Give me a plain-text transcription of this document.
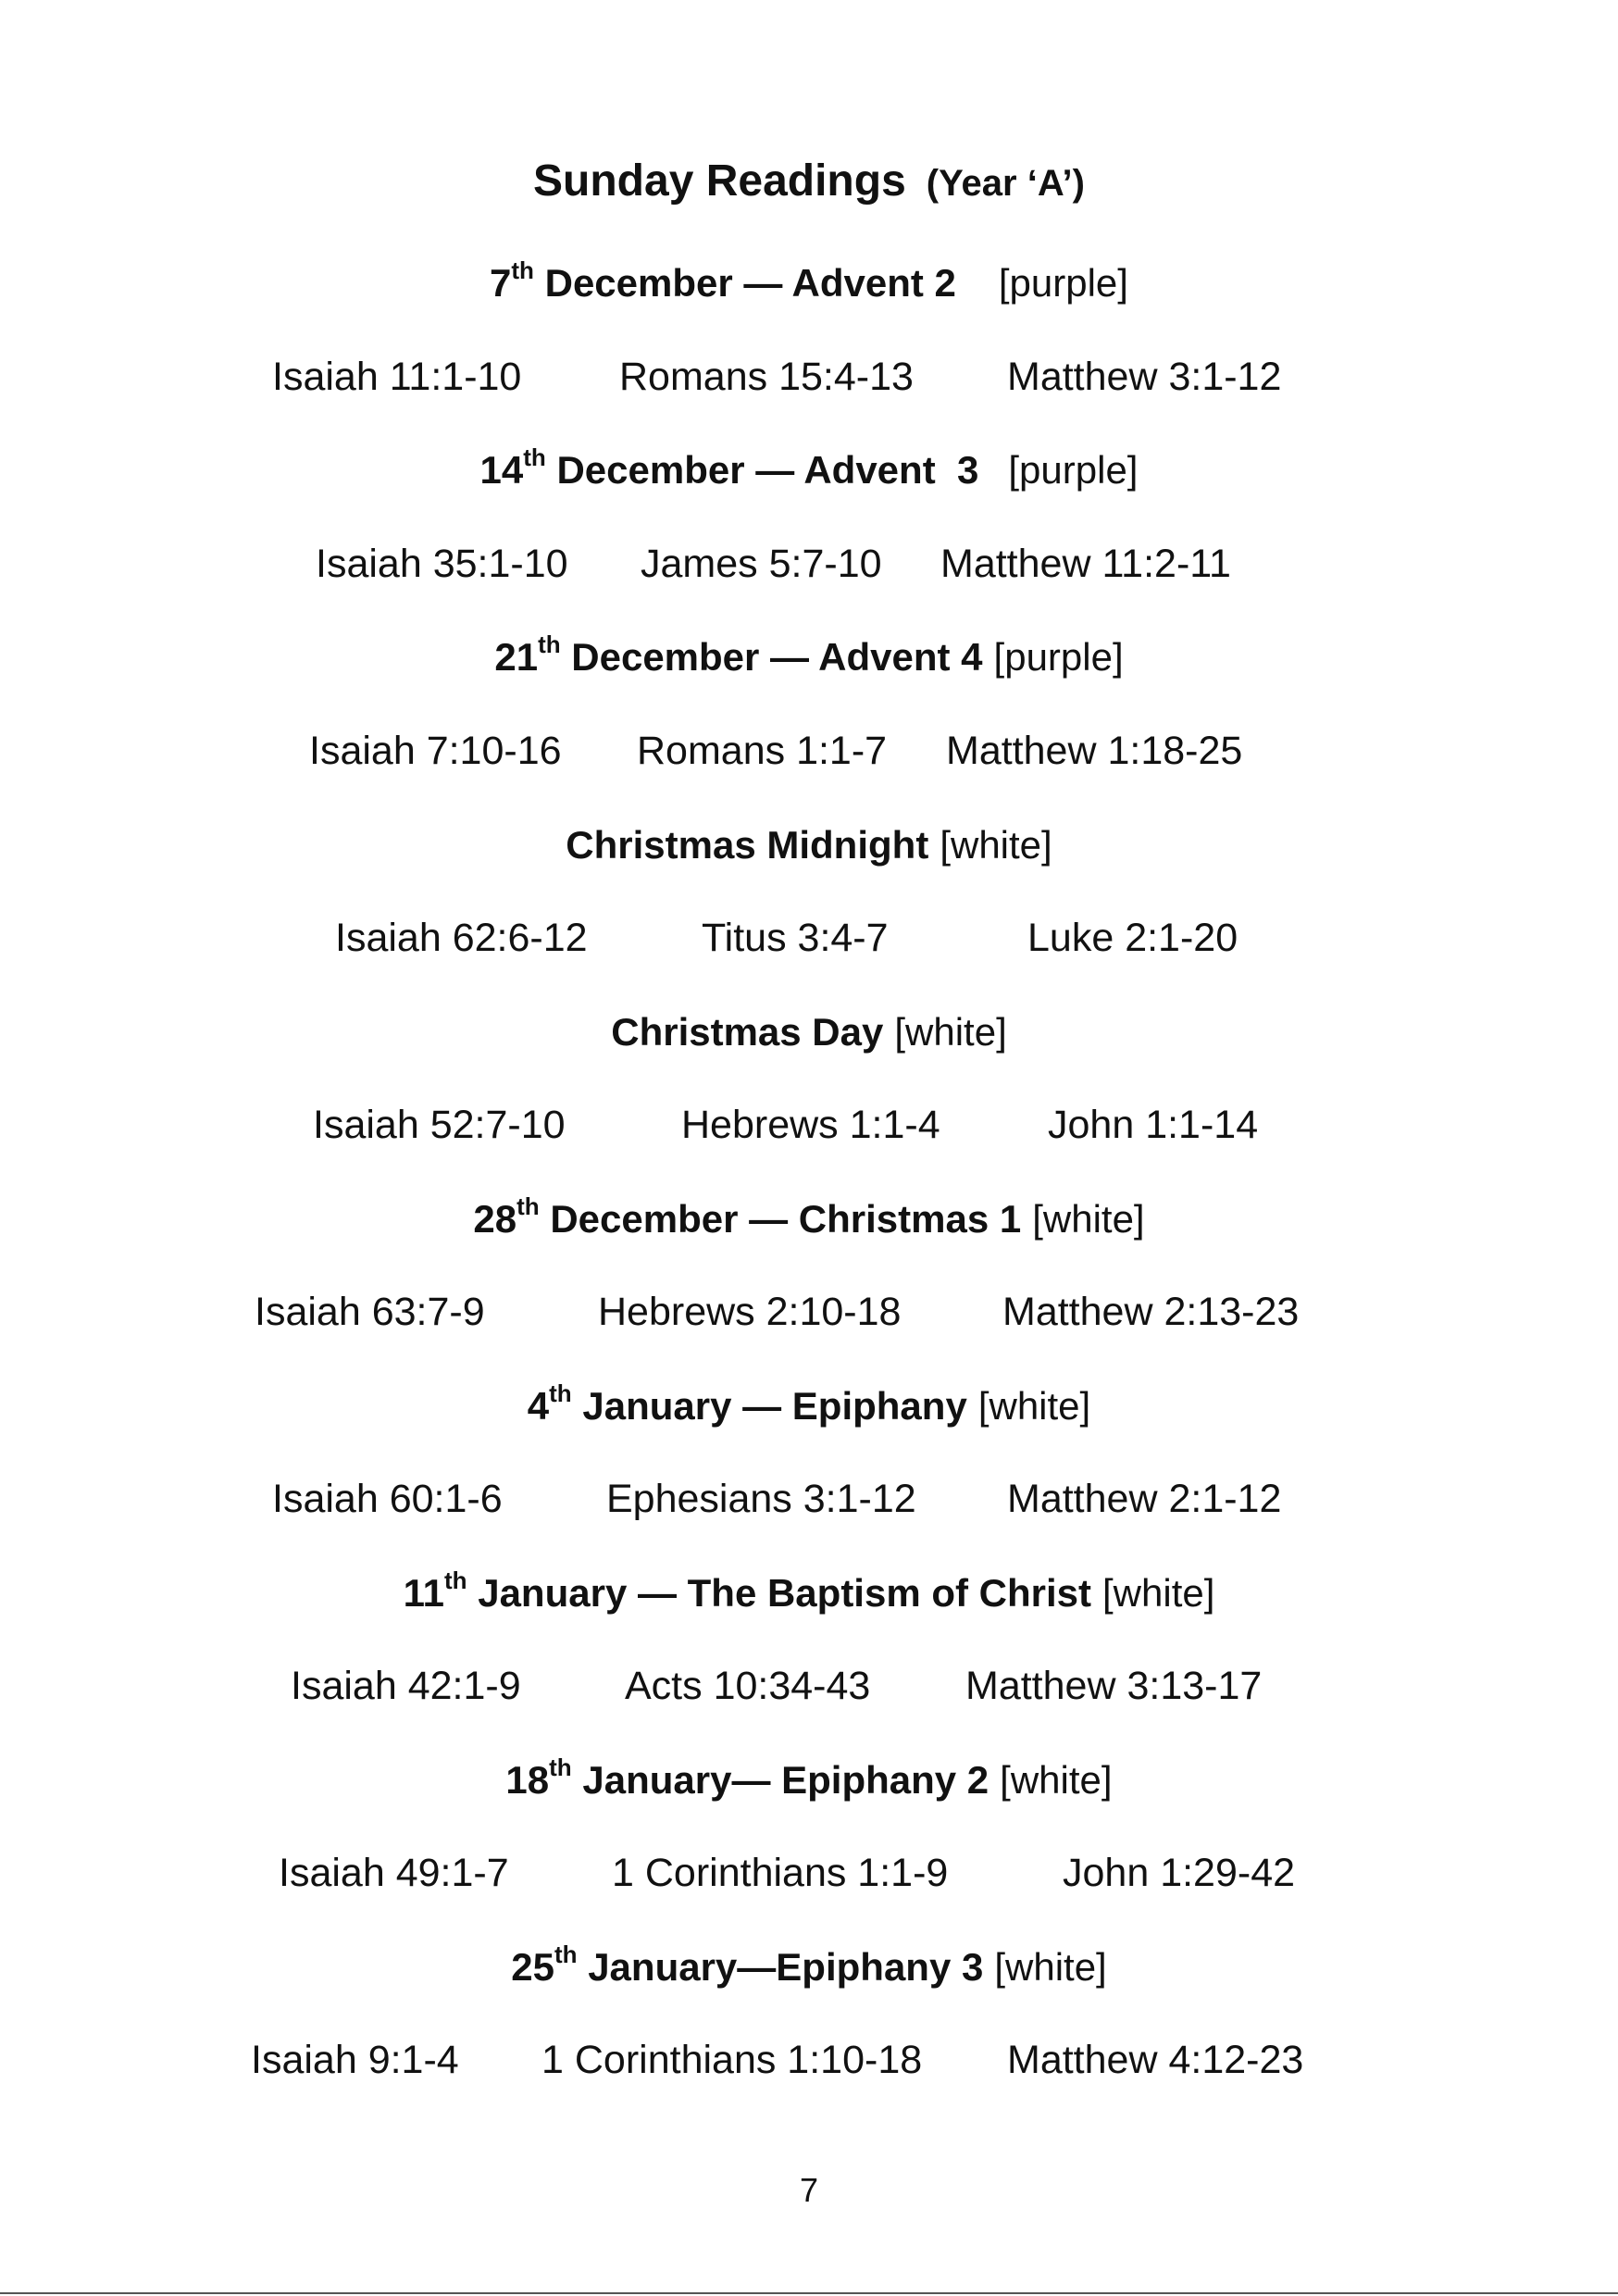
Sunday Readings (Year ‘A’)
7th December — Advent 2 [purple]
Isaiah 11:1-10 Romans 15:4-13 Matthew 3:1-12
14th December — Advent  3 [purple]
Isaiah 35:1-10 James 5:7-10 Matthew 11:2-11
21th December — Advent 4 [purple]
Isaiah 7:10-16 Romans 1:1-7 Matthew 1:18-25
Christmas Midnight [white]
Isaiah 62:6-12	Titus 3:4-7	Luke 2:1-20
Christmas Day [white]
Isaiah 52:7-10	Hebrews 1:1-4	John 1:1-14
28th December — Christmas 1 [white]
Isaiah 63:7-9	Hebrews 2:10-18	Matthew 2:13-23
4th January — Epiphany [white]
Isaiah 60:1-6	Ephesians 3:1-12 Matthew 2:1-12
11th January — The Baptism of Christ [white]
Isaiah 42:1-9	Acts 10:34-43 Matthew 3:13-17
18th January— Epiphany 2 [white]
Isaiah 49:1-7	1 Corinthians 1:1-9	John 1:29-42
25th January—Epiphany 3 [white]
Isaiah 9:1-4 1 Corinthians 1:10-18 Matthew 4:12-23
7
